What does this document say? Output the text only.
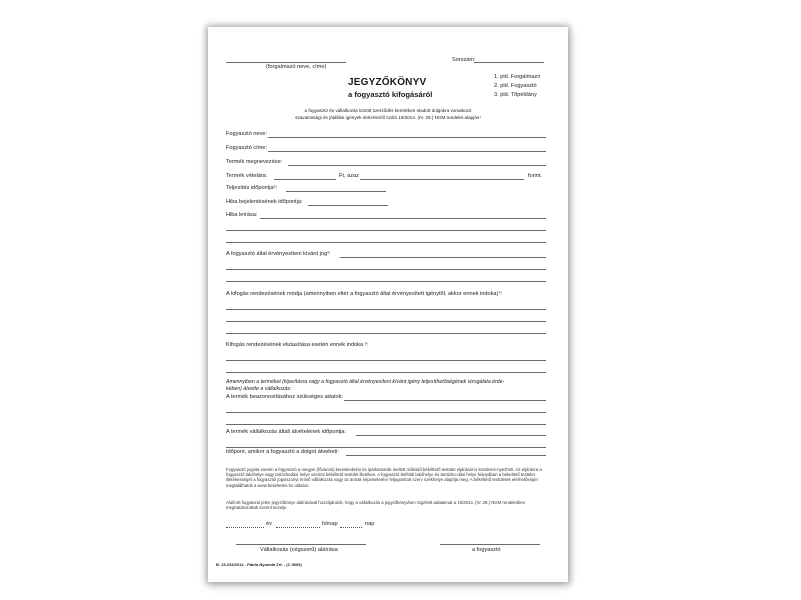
(forgalmazó neve, címe)
Sorszám:
JEGYZŐKÖNYV
a fogyasztó kifogásáról
1. pld. Forgalmazó
2. pld. Fogyasztó
3. pld. Tőpéldány
a fogyasztó és vállalkozás között szerződés keretében eladott dolgokra vonatkozó
szavatossági és jótállási igények intézéséről szóló 19/2014. (IV. 29.) NGM rendelet alapján¹
Fogyasztó neve:
Fogyasztó címe:
Termék megnevezése:
Termék vételára:	Ft, azaz	forint.
Teljesítés időpontja²:
Hiba bejelentésének időpontja:
Hiba leírása:
A fogyasztó által érvényesíteni kívánt jog³:
A kifogás rendezésének módja (amennyiben eltér a fogyasztó által érvényesített igénytől, akkor ennek indoka)⁴:
Kifogás rendezésének elutasítása esetén ennek indoka ⁵:
Amennyiben a terméket (kijavításra vagy a fogyasztó által érvényesíteni kívánt igény teljesíthetőségének vizsgálata érde-
kében) átvette a vállalkozás:
A termék beazonosításához szükséges adatok:
A termék vállalkozás általi átvételének időpontja:
Időpont, amikor a fogyasztó a dolgot átveheti:
Fogyasztó jogvita esetén a fogyasztó a megyei (fővárosi) kereskedelmi és iparkamarák mellett működő békéltető testület eljárását is kezdemé-nyezheti. Az eljárásra a fogyasztó lakóhelye vagy tartózkodási helye szerinti békéltető testület illetékes. A fogyasztó belföldi lakóhelye és tartózko-dási helye hiányában a bekeltető testület illetékességét a fogyasztói jogviszonyt érintő vállalkozás vagy az annak képviseletére feljogosított szerv székhelye alapítja meg. A békéltető testületek elérhetőségei megtalálhatók a www.bekeltetes.hu oldalon.
Alulírott fogyasztó jelen jegyzőkönyv aláírásával hozzájárulok, hogy a vállalkozás a jegyzőkönyvben rögzített adataimat a 19/2014. (IV. 29.) NGM rendeletben meghatározottak szerint kezelje.
év	hónap	nap
Vállalkozás (cégszerű) aláírása	a fogyasztó
B. 13-233/2014 - Pátria Nyomda Zrt. - (C 9606)
